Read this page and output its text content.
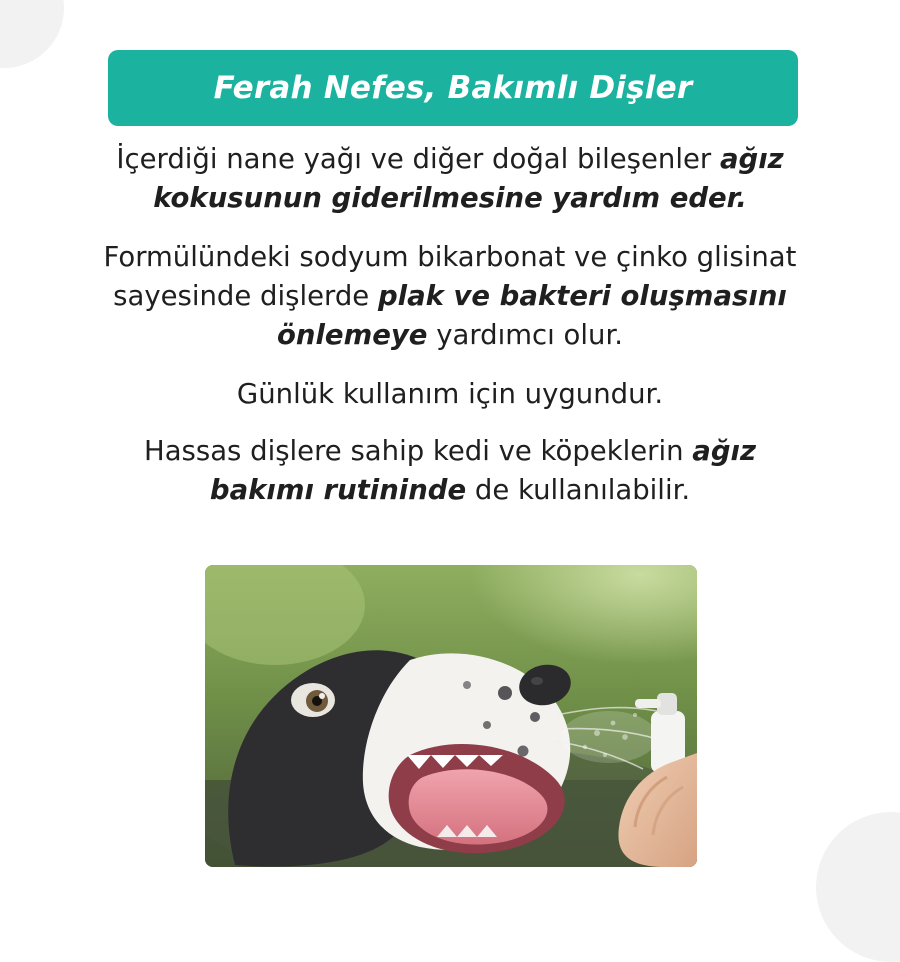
Ferah Nefes, Bakımlı Dişler

İçerdiği nane yağı ve diğer doğal bileşenler ağız kokusunun giderilmesine yardım eder.

Formülündeki sodyum bikarbonat ve çinko glisinat sayesinde dişlerde plak ve bakteri oluşmasını önlemeye yardımcı olur.

Günlük kullanım için uygundur.

Hassas dişlere sahip kedi ve köpeklerin ağız bakımı rutininde de kullanılabilir.
